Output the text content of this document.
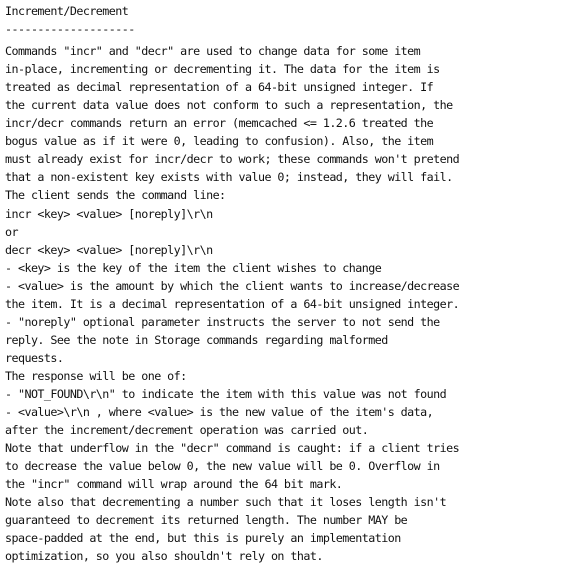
Increment/Decrement
--------------------
Commands "incr" and "decr" are used to change data for some item
in-place, incrementing or decrementing it. The data for the item is
treated as decimal representation of a 64-bit unsigned integer. If
the current data value does not conform to such a representation, the
incr/decr commands return an error (memcached <= 1.2.6 treated the
bogus value as if it were 0, leading to confusion). Also, the item
must already exist for incr/decr to work; these commands won't pretend
that a non-existent key exists with value 0; instead, they will fail.
The client sends the command line:
incr <key> <value> [noreply]\r\n
or
decr <key> <value> [noreply]\r\n
- <key> is the key of the item the client wishes to change
- <value> is the amount by which the client wants to increase/decrease
the item. It is a decimal representation of a 64-bit unsigned integer.
- "noreply" optional parameter instructs the server to not send the
reply. See the note in Storage commands regarding malformed
requests.
The response will be one of:
- "NOT_FOUND\r\n" to indicate the item with this value was not found
- <value>\r\n , where <value> is the new value of the item's data,
after the increment/decrement operation was carried out.
Note that underflow in the "decr" command is caught: if a client tries
to decrease the value below 0, the new value will be 0. Overflow in
the "incr" command will wrap around the 64 bit mark.
Note also that decrementing a number such that it loses length isn't
guaranteed to decrement its returned length. The number MAY be
space-padded at the end, but this is purely an implementation
optimization, so you also shouldn't rely on that.
